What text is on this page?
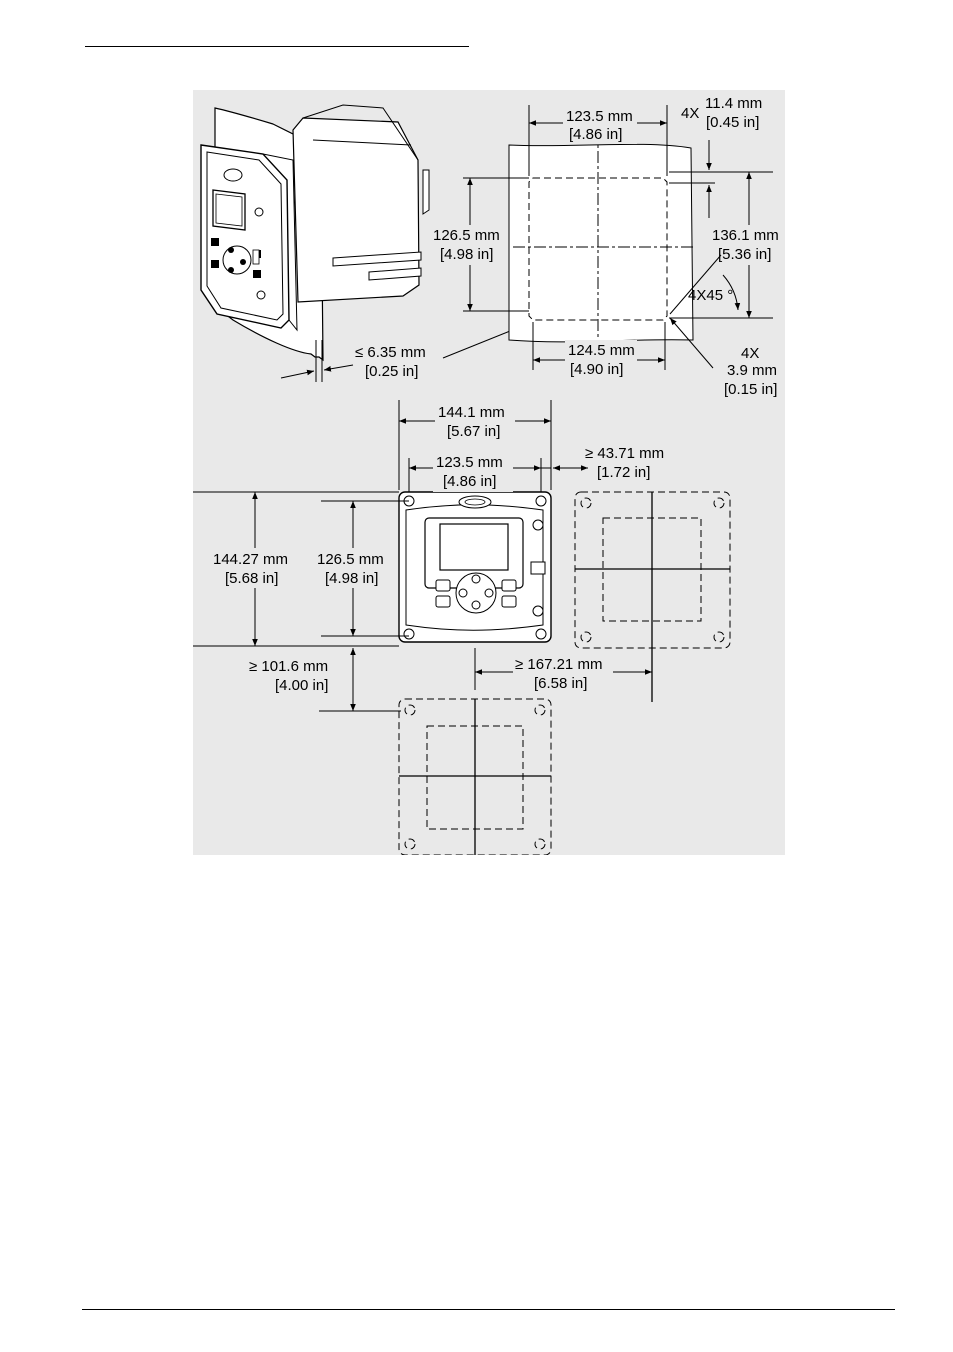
≤ 6.35 mm
[0.25 in]
123.5 mm
[4.86 in]
4X
11.4 mm
[0.45 in]
126.5 mm
[4.98 in]
136.1 mm
[5.36 in]
4X45 °
124.5 mm
[4.90 in]
4X
3.9 mm
[0.15 in]
144.1 mm
[5.67 in]
123.5 mm
[4.86 in]
≥ 43.71 mm
[1.72 in]
144.27 mm
[5.68 in]
126.5 mm
[4.98 in]
≥ 101.6 mm
[4.00 in]
≥ 167.21 mm
[6.58 in]
